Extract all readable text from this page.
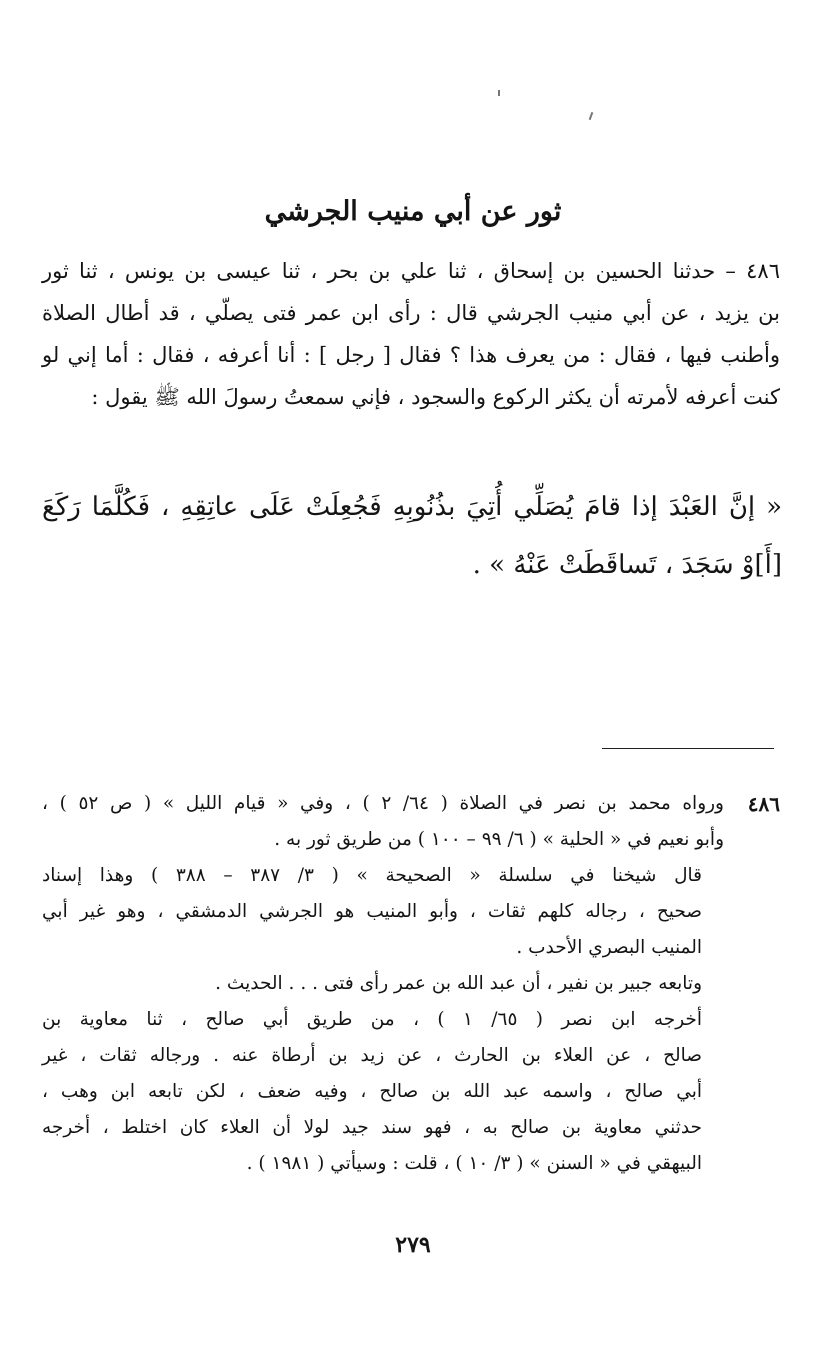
ثور عن أبي منيب الجرشي
٤٨٦ – حدثنا الحسين بن إسحاق ، ثنا علي بن بحر ، ثنا عيسى بن يونس ، ثنا ثور
بن يزيد ، عن أبي منيب الجرشي قال : رأى ابن عمر فتى يصلّي ، قد أطال الصلاة
وأطنب فيها ، فقال : من يعرف هذا ؟ فقال [ رجل ] : أنا أعرفه ، فقال : أما إني لو
كنت أعرفه لأمرته أن يكثر الركوع والسجود ، فإني سمعتُ رسولَ الله ﷺ يقول :
« إنَّ العَبْدَ إذا قامَ يُصَلِّي أُتِيَ بذُنُوبِهِ فَجُعِلَتْ عَلَى عاتِقِهِ ، فَكُلَّمَا رَكَعَ
[أَ]وْ سَجَدَ ، تَساقَطَتْ عَنْهُ » .
٤٨٦
ورواه محمد بن نصر في الصلاة ( ٦٤/ ٢ ) ، وفي « قيام الليل » ( ص ٥٢ ) ،
وأبو نعيم في « الحلية » ( ٦/ ٩٩ – ١٠٠ ) من طريق ثور به .
قال شيخنا في سلسلة « الصحيحة » ( ٣/ ٣٨٧ – ٣٨٨ ) وهذا إسناد
صحيح ، رجاله كلهم ثقات ، وأبو المنيب هو الجرشي الدمشقي ، وهو غير أبي
المنيب البصري الأحدب .
وتابعه جبير بن نفير ، أن عبد الله بن عمر رأى فتى . . . الحديث .
أخرجه ابن نصر ( ٦٥/ ١ ) ، من طريق أبي صالح ، ثنا معاوية بن
صالح ، عن العلاء بن الحارث ، عن زيد بن أرطاة عنه . ورجاله ثقات ، غير
أبي صالح ، واسمه عبد الله بن صالح ، وفيه ضعف ، لكن تابعه ابن وهب ،
حدثني معاوية بن صالح به ، فهو سند جيد لولا أن العلاء كان اختلط ، أخرجه
البيهقي في « السنن » ( ٣/ ١٠ ) ، قلت : وسيأتي ( ١٩٨١ ) .
٢٧٩
